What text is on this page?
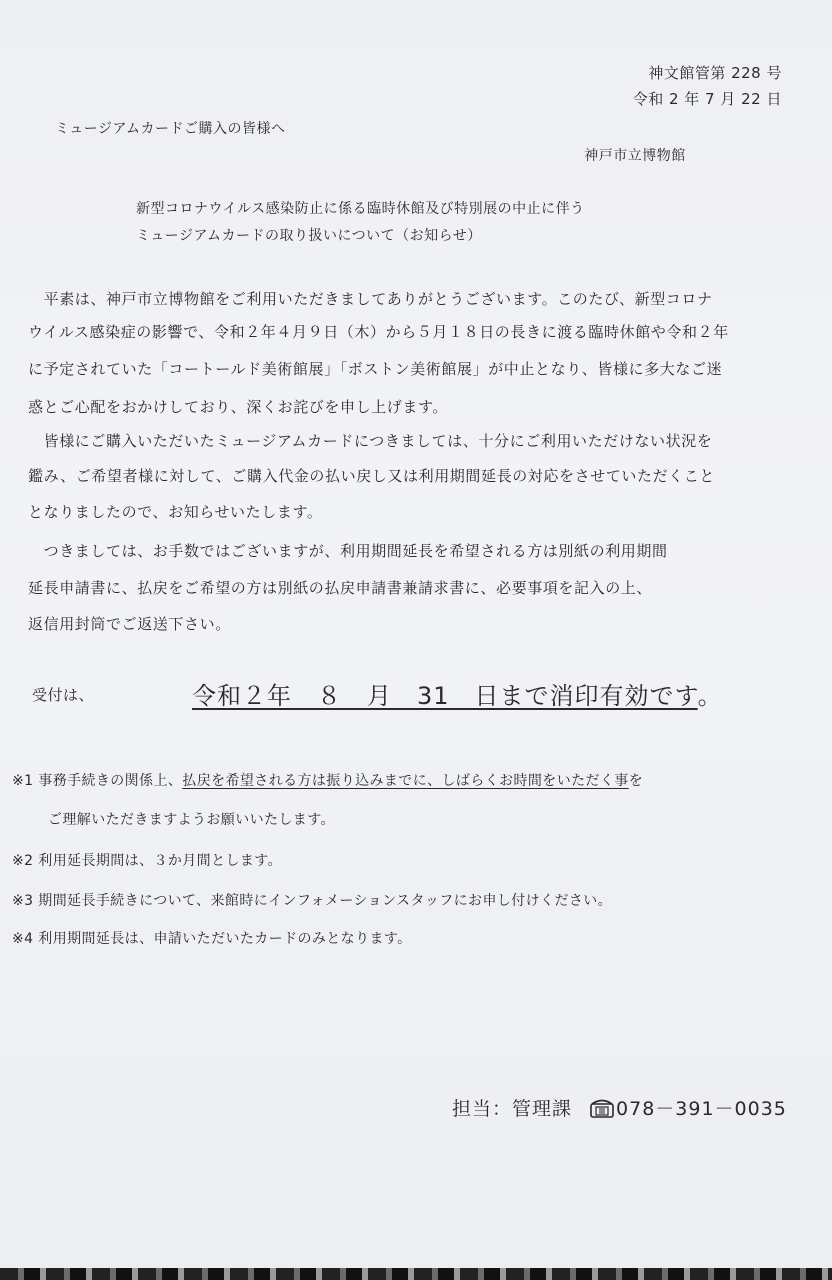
神文館管第 228 号
令和 2 年 7 月 22 日
ミュージアムカードご購入の皆様へ
神戸市立博物館
新型コロナウイルス感染防止に係る臨時休館及び特別展の中止に伴う
ミュージアムカードの取り扱いについて（お知らせ）
　平素は、神戸市立博物館をご利用いただきましてありがとうございます。このたび、新型コロナ
ウイルス感染症の影響で、令和２年４月９日（木）から５月１８日の長きに渡る臨時休館や令和２年
に予定されていた「コートールド美術館展」「ボストン美術館展」が中止となり、皆様に多大なご迷
惑とご心配をおかけしており、深くお詫びを申し上げます。
　皆様にご購入いただいたミュージアムカードにつきましては、十分にご利用いただけない状況を
鑑み、ご希望者様に対して、ご購入代金の払い戻し又は利用期間延長の対応をさせていただくこと
となりましたので、お知らせいたします。
　つきましては、お手数ではございますが、利用期間延長を希望される方は別紙の利用期間
延長申請書に、払戻をご希望の方は別紙の払戻申請書兼請求書に、必要事項を記入の上、
返信用封筒でご返送下さい。
受付は、	令和２年　８　月　31　日まで消印有効です。
※1 事務手続きの関係上、払戻を希望される方は振り込みまでに、しばらくお時間をいただく事を
ご理解いただきますようお願いいたします。
※2 利用延長期間は、３か月間とします。
※3 期間延長手続きについて、来館時にインフォメーションスタッフにお申し付けください。
※4 利用期間延長は、申請いただいたカードのみとなります。
担当：管理課 078－391－0035
